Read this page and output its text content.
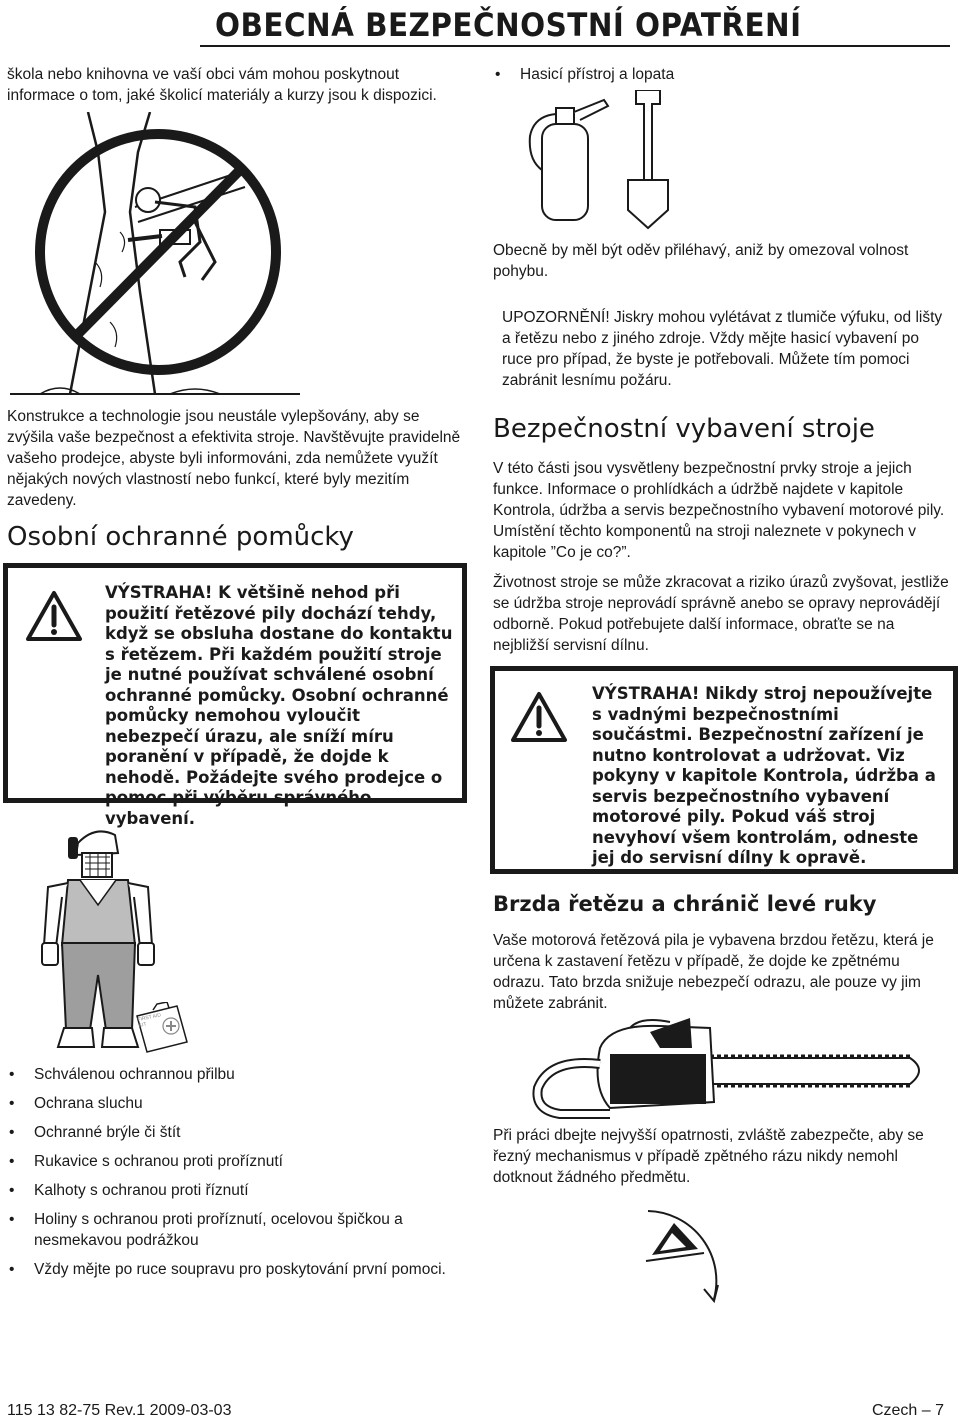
OBECNÁ BEZPEČNOSTNÍ OPATŘENÍ
škola nebo knihovna ve vaší obci vám mohou poskytnout informace o tom, jaké školicí materiály a kurzy jsou k dispozici.
Konstrukce a technologie jsou neustále vylepšovány, aby se zvýšila vaše bezpečnost a efektivita stroje. Navštěvujte pravidelně vašeho prodejce, abyste byli informováni, zda nemůžete využít nějakých nových vlastností nebo funkcí, které byly mezitím zavedeny.
Osobní ochranné pomůcky
VÝSTRAHA! K většině nehod při použití řetězové pily dochází tehdy, když se obsluha dostane do kontaktu s řetězem. Při každém použití stroje je nutné používat schválené osobní ochranné pomůcky. Osobní ochranné pomůcky nemohou vyloučit nebezpečí úrazu, ale sníží míru poranění v případě, že dojde k nehodě. Požádejte svého prodejce o pomoc při výběru správného vybavení.
FIRST AID KIT
• Schválenou ochrannou přilbu
• Ochrana sluchu
• Ochranné brýle či štít
• Rukavice s ochranou proti proříznutí
• Kalhoty s ochranou proti říznutí
• Holiny s ochranou proti proříznutí, ocelovou špičkou a nesmekavou podrážkou
• Vždy mějte po ruce soupravu pro poskytování první pomoci.
• Hasicí přístroj a lopata
Obecně by měl být oděv přiléhavý, aniž by omezoval volnost pohybu.
UPOZORNĚNÍ! Jiskry mohou vylétávat z tlumiče výfuku, od lišty a řetězu nebo z jiného zdroje. Vždy mějte hasicí vybavení po ruce pro případ, že byste je potřebovali. Můžete tím pomoci zabránit lesnímu požáru.
Bezpečnostní vybavení stroje
V této části jsou vysvětleny bezpečnostní prvky stroje a jejich funkce. Informace o prohlídkách a údržbě najdete v kapitole Kontrola, údržba a servis bezpečnostního vybavení motorové pily. Umístění těchto komponentů na stroji naleznete v pokynech v kapitole ”Co je co?”.
Životnost stroje se může zkracovat a riziko úrazů zvyšovat, jestliže se údržba stroje neprovádí správně anebo se opravy neprovádějí odborně. Pokud potřebujete další informace, obraťte se na nejbližší servisní dílnu.
VÝSTRAHA! Nikdy stroj nepoužívejte s vadnými bezpečnostními součástmi. Bezpečnostní zařízení je nutno kontrolovat a udržovat. Viz pokyny v kapitole Kontrola, údržba a servis bezpečnostního vybavení motorové pily. Pokud váš stroj nevyhoví všem kontrolám, odneste jej do servisní dílny k opravě.
Brzda řetězu a chránič levé ruky
Vaše motorová řetězová pila je vybavena brzdou řetězu, která je určena k zastavení řetězu v případě, že dojde ke zpětnému odrazu. Tato brzda snižuje nebezpečí odrazu, ale pouze vy jim můžete zabránit.
Při práci dbejte nejvyšší opatrnosti, zvláště zabezpečte, aby se řezný mechanismus v případě zpětného rázu nikdy nemohl dotknout žádného předmětu.
115 13 82-75 Rev.1 2009-03-03	Czech – 7
